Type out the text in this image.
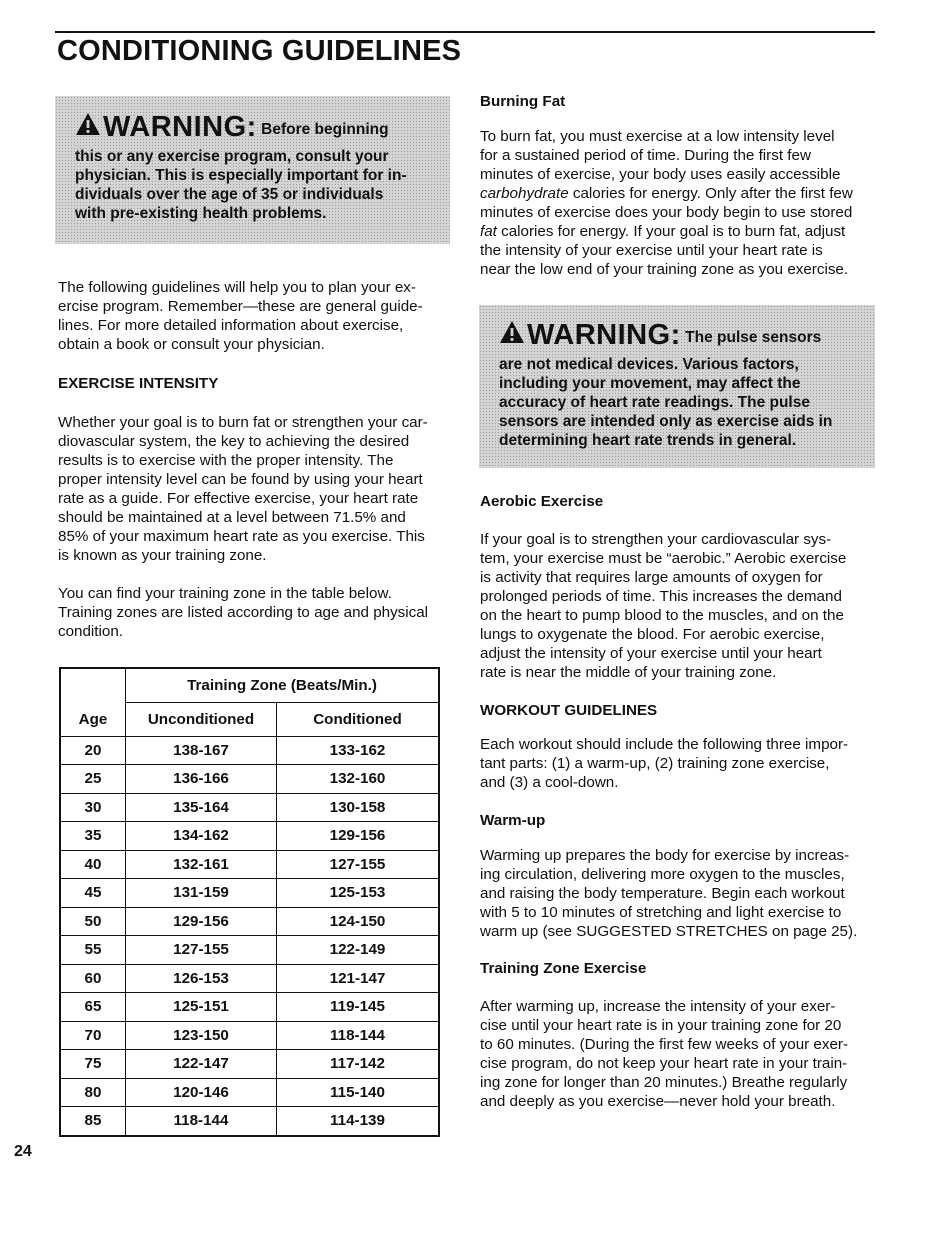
CONDITIONING GUIDELINES
WARNING: Before beginning
this or any exercise program, consult your
physician. This is especially important for in-
dividuals over the age of 35 or individuals
with pre-existing health problems.

The following guidelines will help you to plan your ex-

ercise program. Remember—these are general guide-

lines. For more detailed information about exercise,

obtain a book or consult your physician.

EXERCISE INTENSITY

Whether your goal is to burn fat or strengthen your car-

diovascular system, the key to achieving the desired

results is to exercise with the proper intensity. The

proper intensity level can be found by using your heart

rate as a guide. For effective exercise, your heart rate

should be maintained at a level between 71.5% and

85% of your maximum heart rate as you exercise. This

is known as your training zone.

You can find your training zone in the table below.

Training zones are listed according to age and physical

condition.

	Training Zone (Beats/Min.)	
Age	Unconditioned	Conditioned
20	138-167	133-162
25	136-166	132-160
30	135-164	130-158
35	134-162	129-156
40	132-161	127-155
45	131-159	125-153
50	129-156	124-150
55	127-155	122-149
60	126-153	121-147
65	125-151	119-145
70	123-150	118-144
75	122-147	117-142
80	120-146	115-140
85	118-144	114-139
24
Burning Fat

To burn fat, you must exercise at a low intensity level

for a sustained period of time. During the first few

minutes of exercise, your body uses easily accessible

carbohydrate calories for energy. Only after the first few

minutes of exercise does your body begin to use stored

fat calories for energy. If your goal is to burn fat, adjust

the intensity of your exercise until your heart rate is

near the low end of your training zone as you exercise.

WARNING: The pulse sensors
are not medical devices. Various factors,
including your movement, may affect the
accuracy of heart rate readings. The pulse
sensors are intended only as exercise aids in
determining heart rate trends in general.
Aerobic Exercise

If your goal is to strengthen your cardiovascular sys-

tem, your exercise must be “aerobic.” Aerobic exercise

is activity that requires large amounts of oxygen for

prolonged periods of time. This increases the demand

on the heart to pump blood to the muscles, and on the

lungs to oxygenate the blood. For aerobic exercise,

adjust the intensity of your exercise until your heart

rate is near the middle of your training zone.

WORKOUT GUIDELINES

Each workout should include the following three impor-

tant parts: (1) a warm-up, (2) training zone exercise,

and (3) a cool-down.

Warm-up

Warming up prepares the body for exercise by increas-

ing circulation, delivering more oxygen to the muscles,

and raising the body temperature. Begin each workout

with 5 to 10 minutes of stretching and light exercise to

warm up (see SUGGESTED STRETCHES on page 25).

Training Zone Exercise

After warming up, increase the intensity of your exer-

cise until your heart rate is in your training zone for 20

to 60 minutes. (During the first few weeks of your exer-

cise program, do not keep your heart rate in your train-

ing zone for longer than 20 minutes.) Breathe regularly

and deeply as you exercise—never hold your breath.
